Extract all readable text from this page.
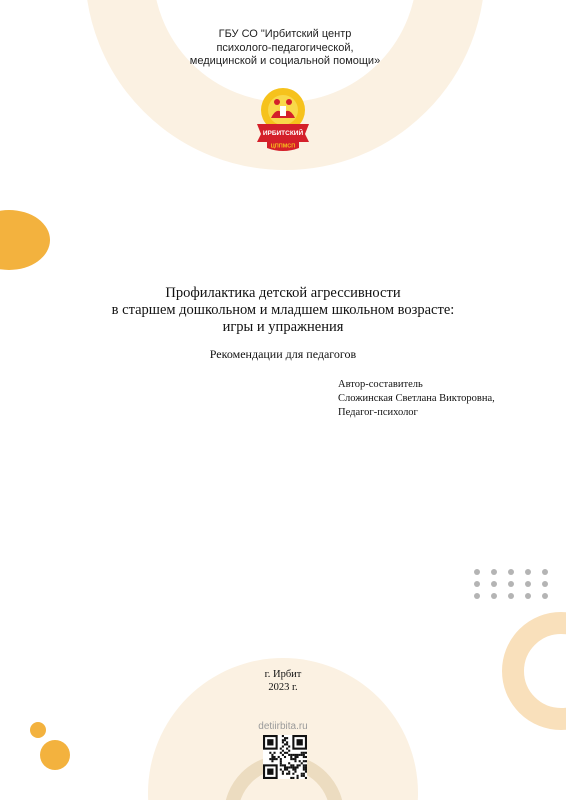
ГБУ СО "Ирбитский центр
психолого-педагогической,
медицинской и социальной помощи»
ИРБИТСКИЙ
ЦППМСП
Профилактика детской агрессивности
в старшем дошкольном и младшем школьном возрасте:
игры и упражнения
Рекомендации для педагогов
Автор-составитель
Сложинская Светлана Викторовна,
Педагог-психолог
г. Ирбит
2023 г.
detiirbita.ru
